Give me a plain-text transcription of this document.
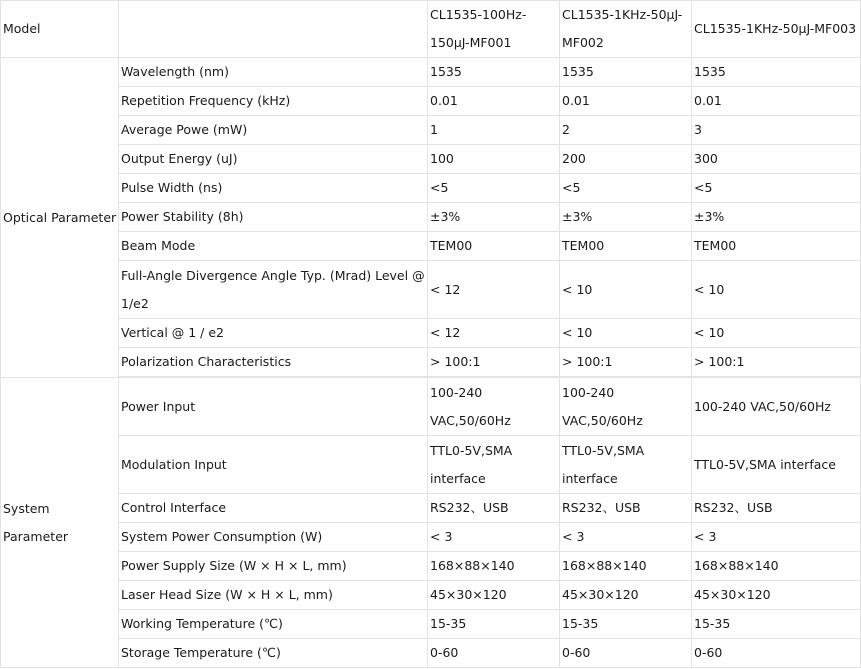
Model		CL1535-100Hz-150μJ-MF001	CL1535-1KHz-50μJ-MF002	CL1535-1KHz-50μJ-MF003
Optical Parameter	Wavelength (nm)	1535	1535	1535
	Repetition Frequency (kHz)	0.01	0.01	0.01
	Average Powe (mW)	1	2	3
	Output Energy (uJ)	100	200	300
	Pulse Width (ns)	<5	<5	<5
	Power Stability (8h)	±3%	±3%	±3%
	Beam Mode	TEM00	TEM00	TEM00
	Full-Angle Divergence Angle Typ. (Mrad) Level @ 1/e2	< 12	< 10	< 10
	Vertical @ 1 / e2	< 12	< 10	< 10
	Polarization Characteristics	> 100:1	> 100:1	> 100:1

System Parameter	Power Input	100-240 VAC,50/60Hz	100-240 VAC,50/60Hz	100-240 VAC,50/60Hz
	Modulation Input	TTL0-5V,SMA interface	TTL0-5V,SMA interface	TTL0-5V,SMA interface
	Control Interface	RS232、USB	RS232、USB	RS232、USB
	System Power Consumption (W)	< 3	< 3	< 3
	Power Supply Size (W × H × L, mm)	168×88×140	168×88×140	168×88×140
	Laser Head Size (W × H × L, mm)	45×30×120	45×30×120	45×30×120
	Working Temperature (℃)	15-35	15-35	15-35
	Storage Temperature (℃)	0-60	0-60	0-60
